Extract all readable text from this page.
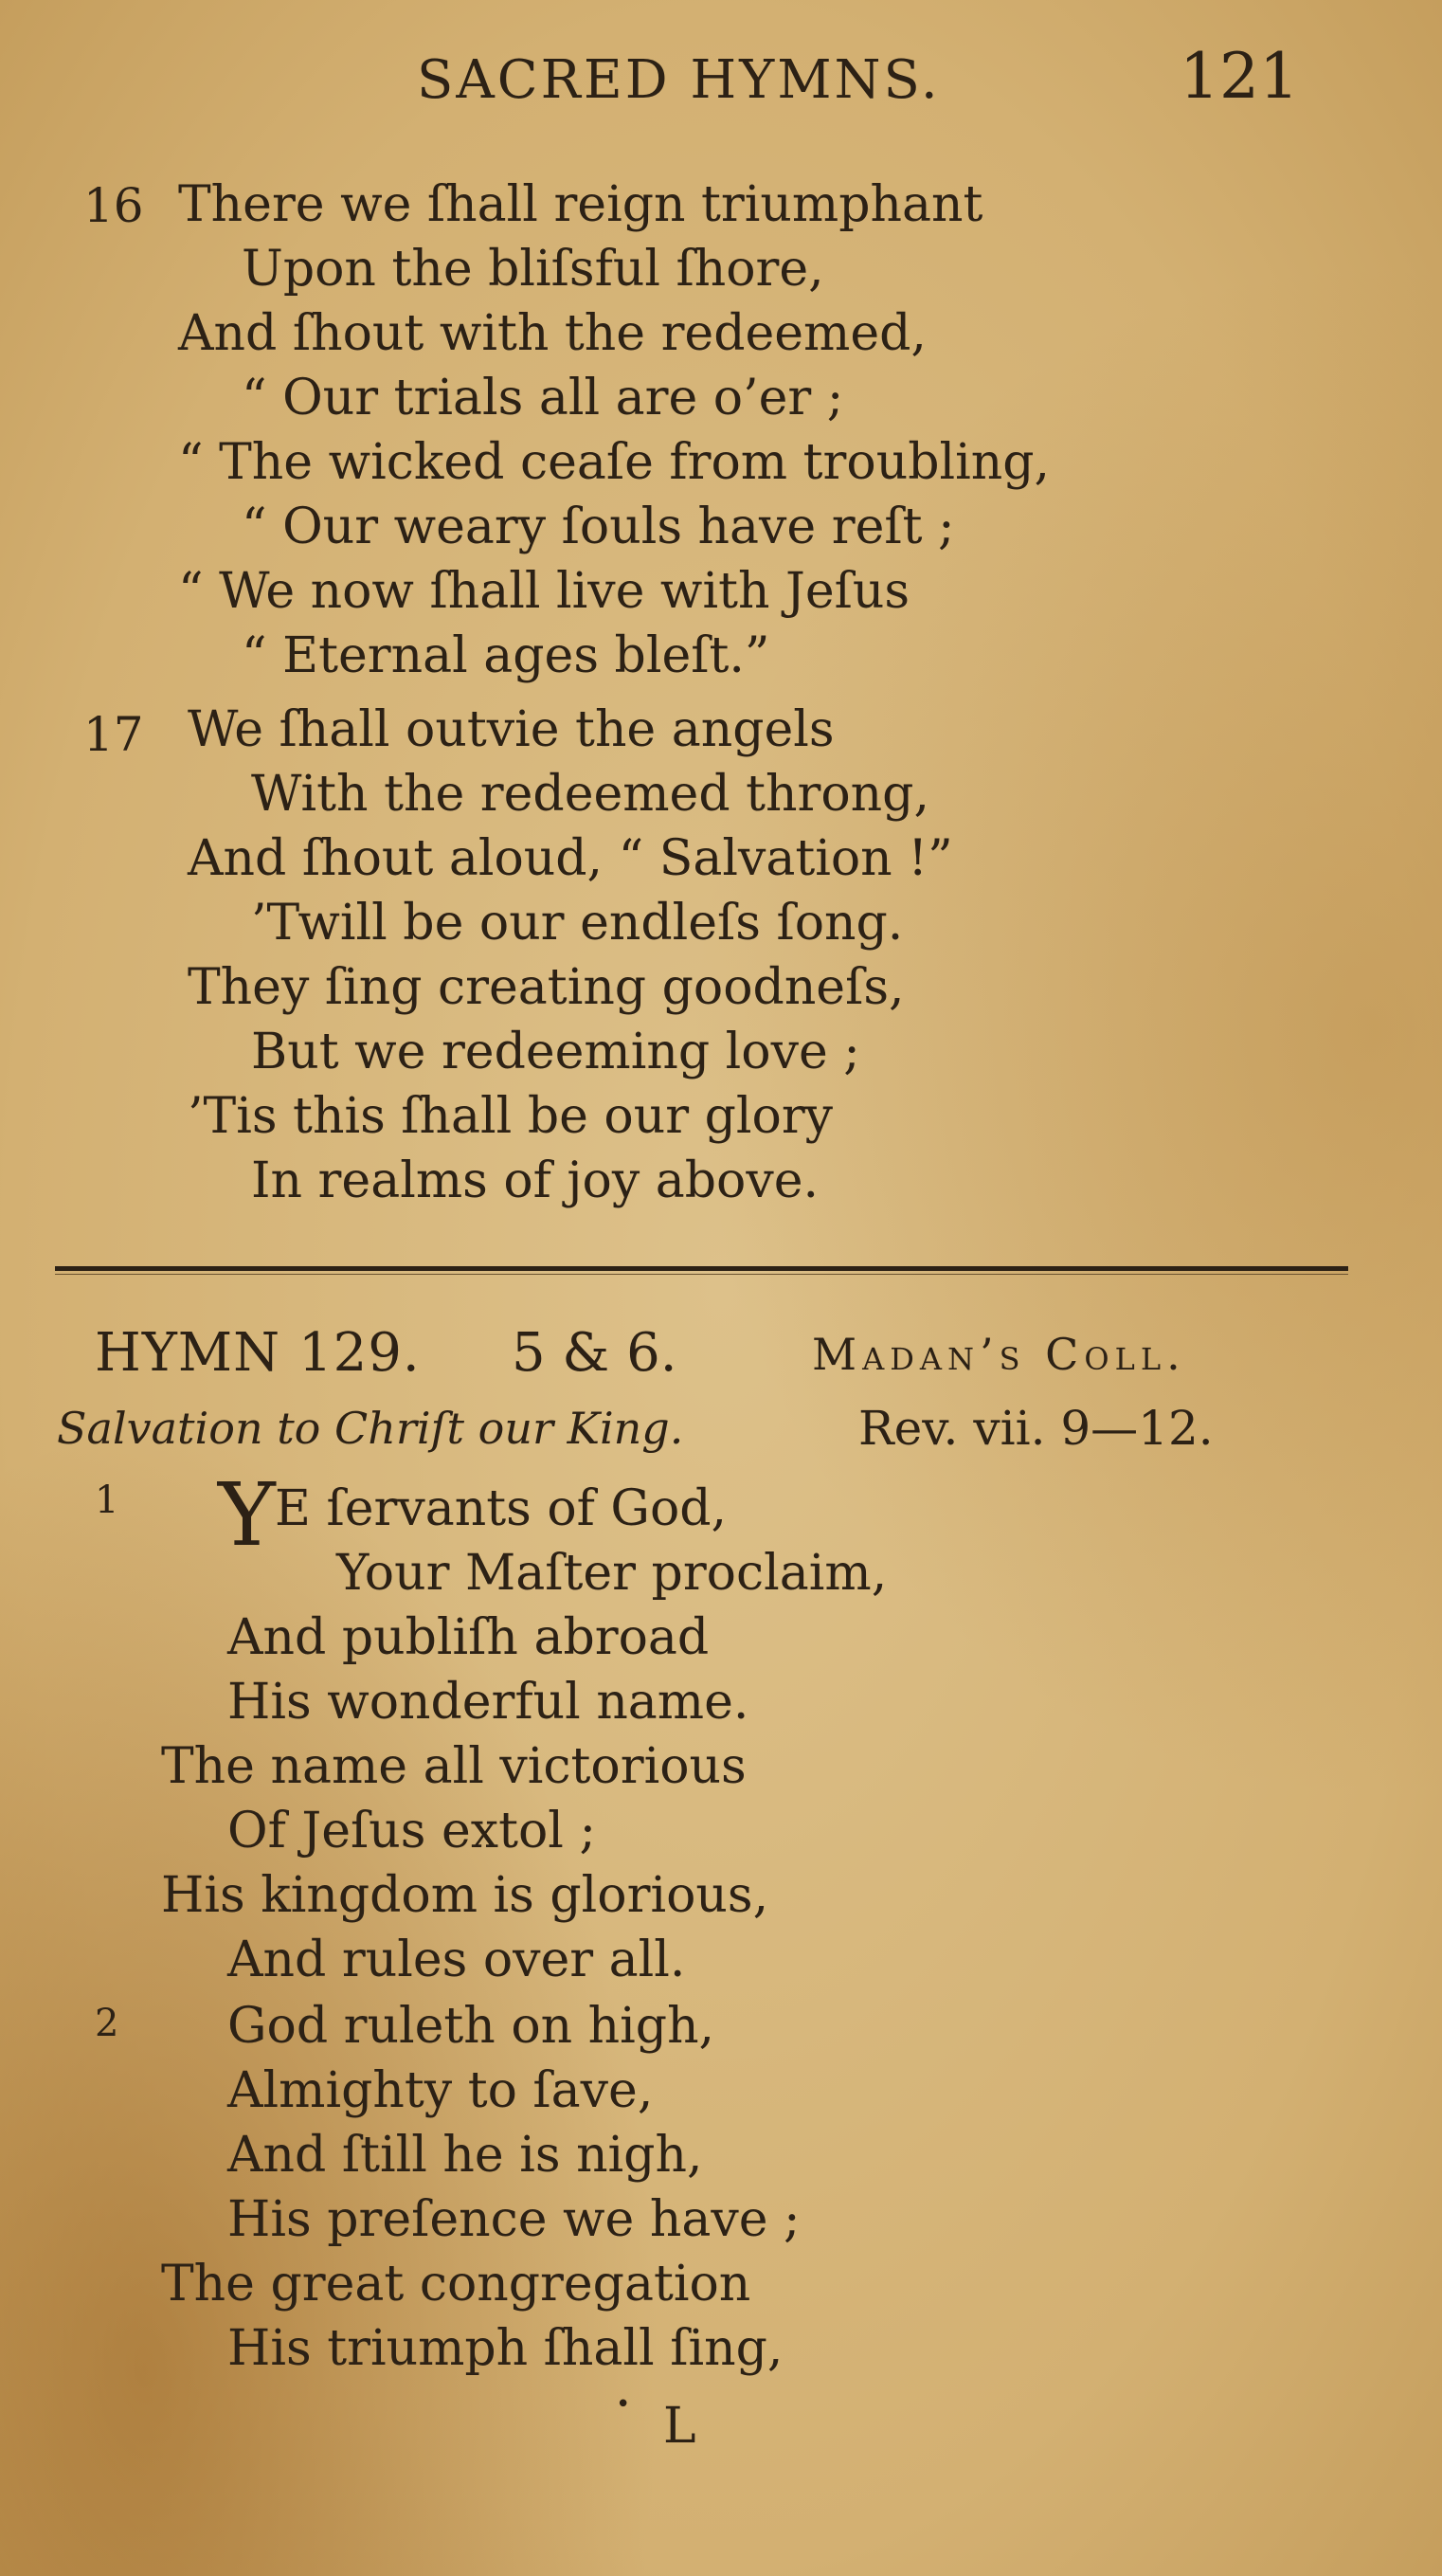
SACRED HYMNS.	121
16 There we ſhall reign triumphant
Upon the bliſsful ſhore,
And ſhout with the redeemed,
“ Our trials all are o’er ;
“ The wicked ceaſe from troubling,
“ Our weary ſouls have reſt ;
“ We now ſhall live with Jeſus
“ Eternal ages bleſt.”
17 We ſhall outvie the angels
With the redeemed throng,
And ſhout aloud, “ Salvation !”
’Twill be our endleſs ſong.
They ſing creating goodneſs,
But we redeeming love ;
’Tis this ſhall be our glory
In realms of joy above.
HYMN 129. 5 & 6.	Madan’s Coll.
Salvation to Chriſt our King.	Rev. vii. 9—12.
1 Y E ſervants of God,
Your Maſter proclaim,
And publiſh abroad
His wonderful name.
The name all victorious
Of Jeſus extol ;
His kingdom is glorious,
And rules over all.
2 God ruleth on high,
Almighty to ſave,
And ſtill he is nigh,
His preſence we have ;
The great congregation
His triumph ſhall ſing,
• L
